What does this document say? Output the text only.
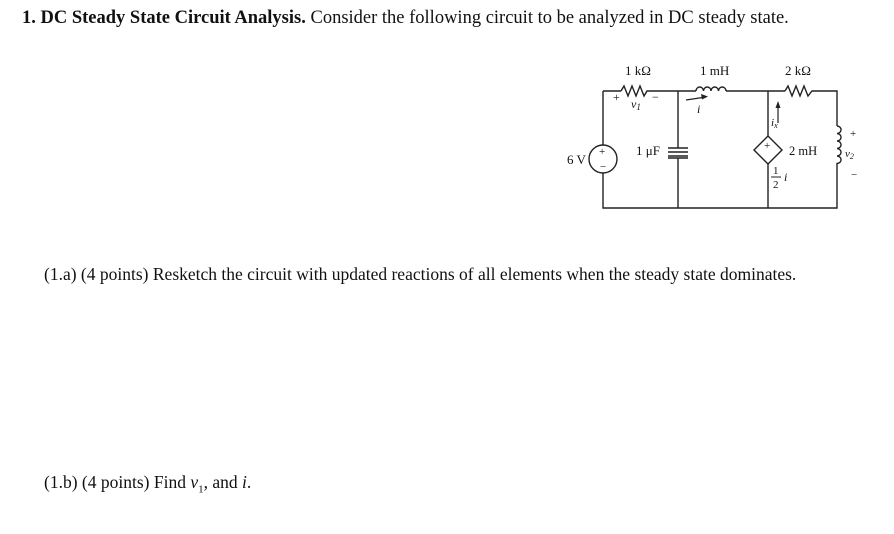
1. DC Steady State Circuit Analysis. Consider the following circuit to be analyzed in DC steady state.
+
−
6 V
1 kΩ
+	−
v1
1 mH
i
1 μF
2 kΩ
ix
+
1
2
i
2 mH
+
−
v2
(1.a) (4 points) Resketch the circuit with updated reactions of all elements when the steady state dominates.
(1.b) (4 points) Find $v_1$, and i.
